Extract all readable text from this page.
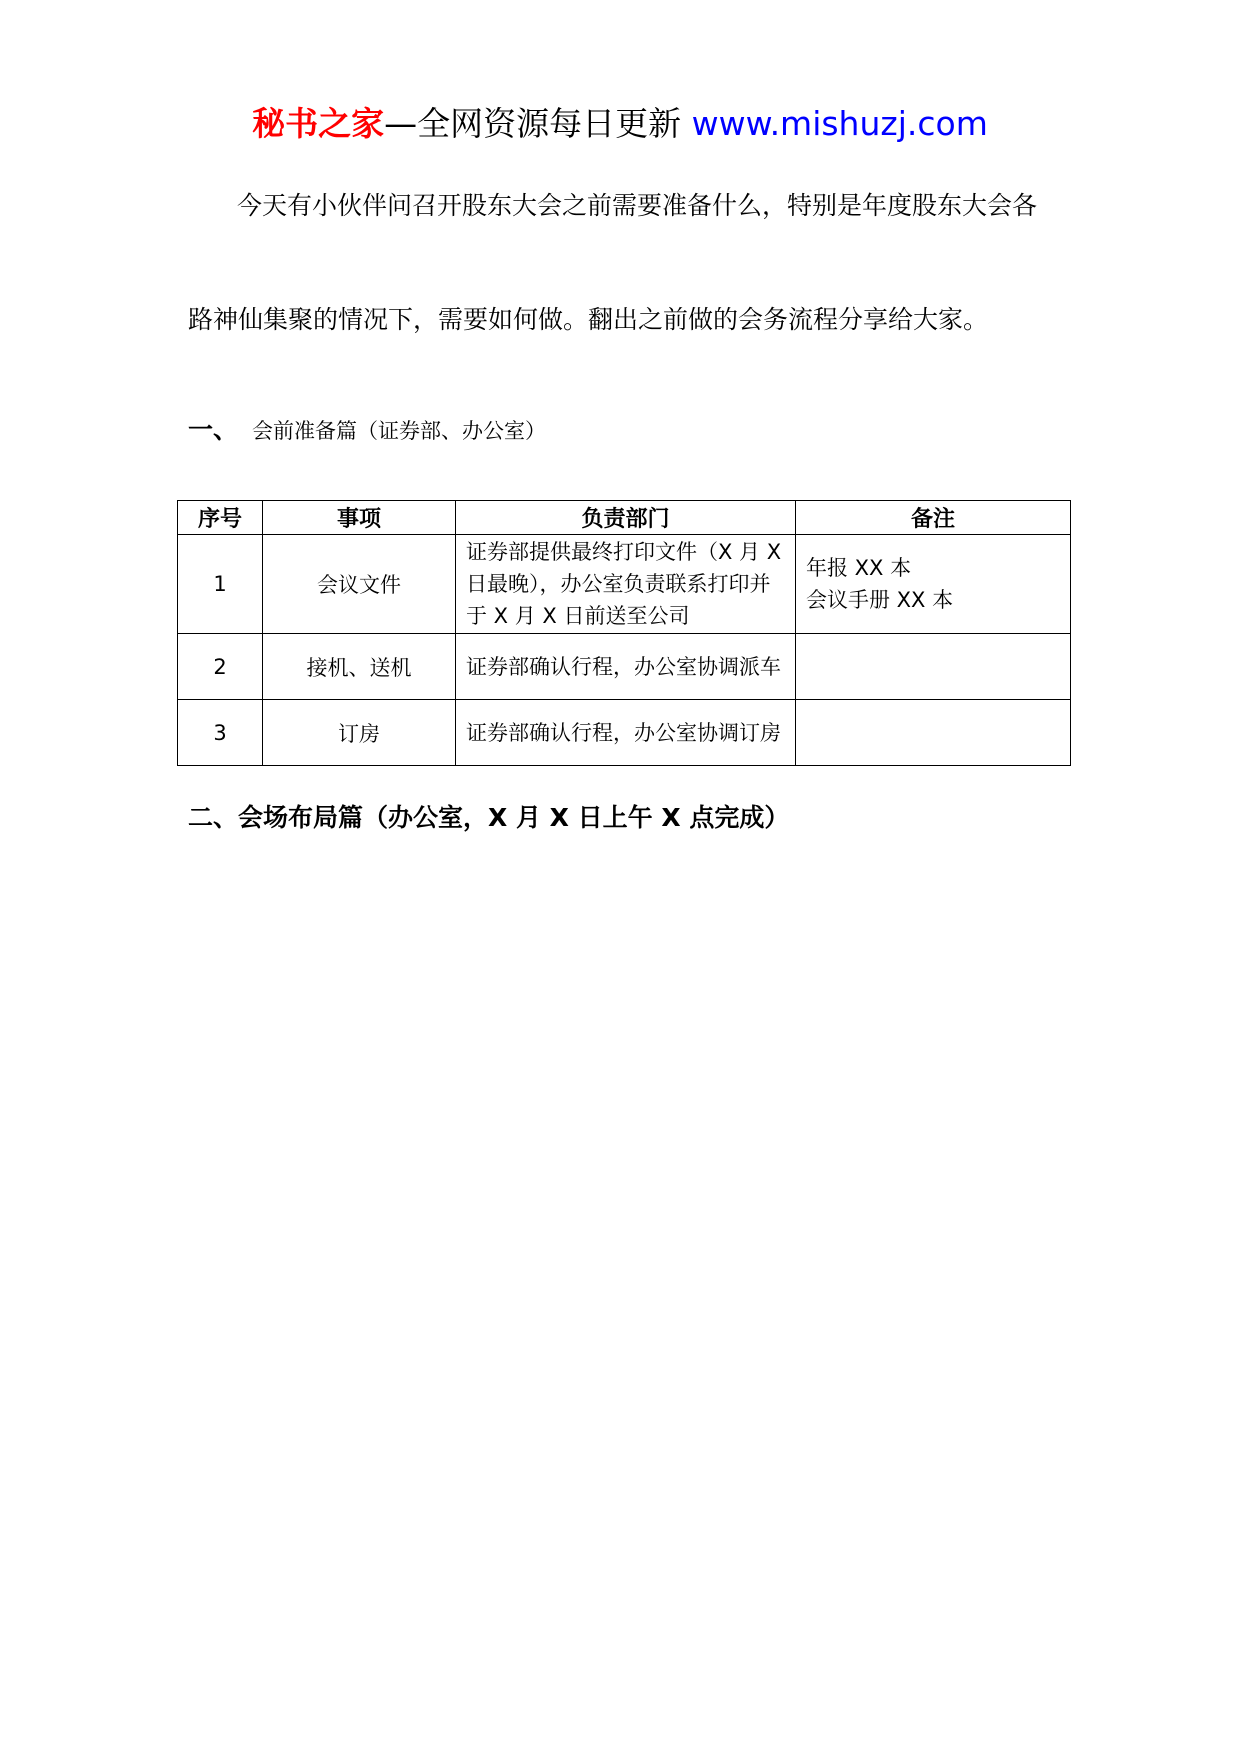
秘书之家—全网资源每日更新 www.mishuzj.com
今天有小伙伴问召开股东大会之前需要准备什么，特别是年度股东大会各
路神仙集聚的情况下，需要如何做。翻出之前做的会务流程分享给大家。
一、 会前准备篇（证券部、办公室）
序号	事项	负责部门	备注
1	会议文件	证券部提供最终打印文件（X 月 X 日最晚），办公室负责联系打印并于 X 月 X 日前送至公司	年报 XX 本
会议手册 XX 本

2	接机、送机	证券部确认行程，办公室协调派车	
3	订房	证券部确认行程，办公室协调订房	
二、会场布局篇（办公室，X 月 X 日上午 X 点完成）
